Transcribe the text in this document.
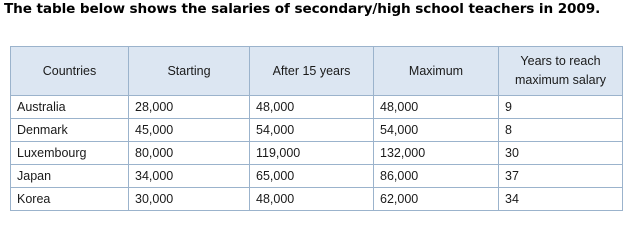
The table below shows the salaries of secondary/high school teachers in 2009.
Countries	Starting	After 15 years	Maximum	Years to reach maximum salary
Australia	28,000	48,000	48,000	9
Denmark	45,000	54,000	54,000	8
Luxembourg	80,000	119,000	132,000	30
Japan	34,000	65,000	86,000	37
Korea	30,000	48,000	62,000	34
